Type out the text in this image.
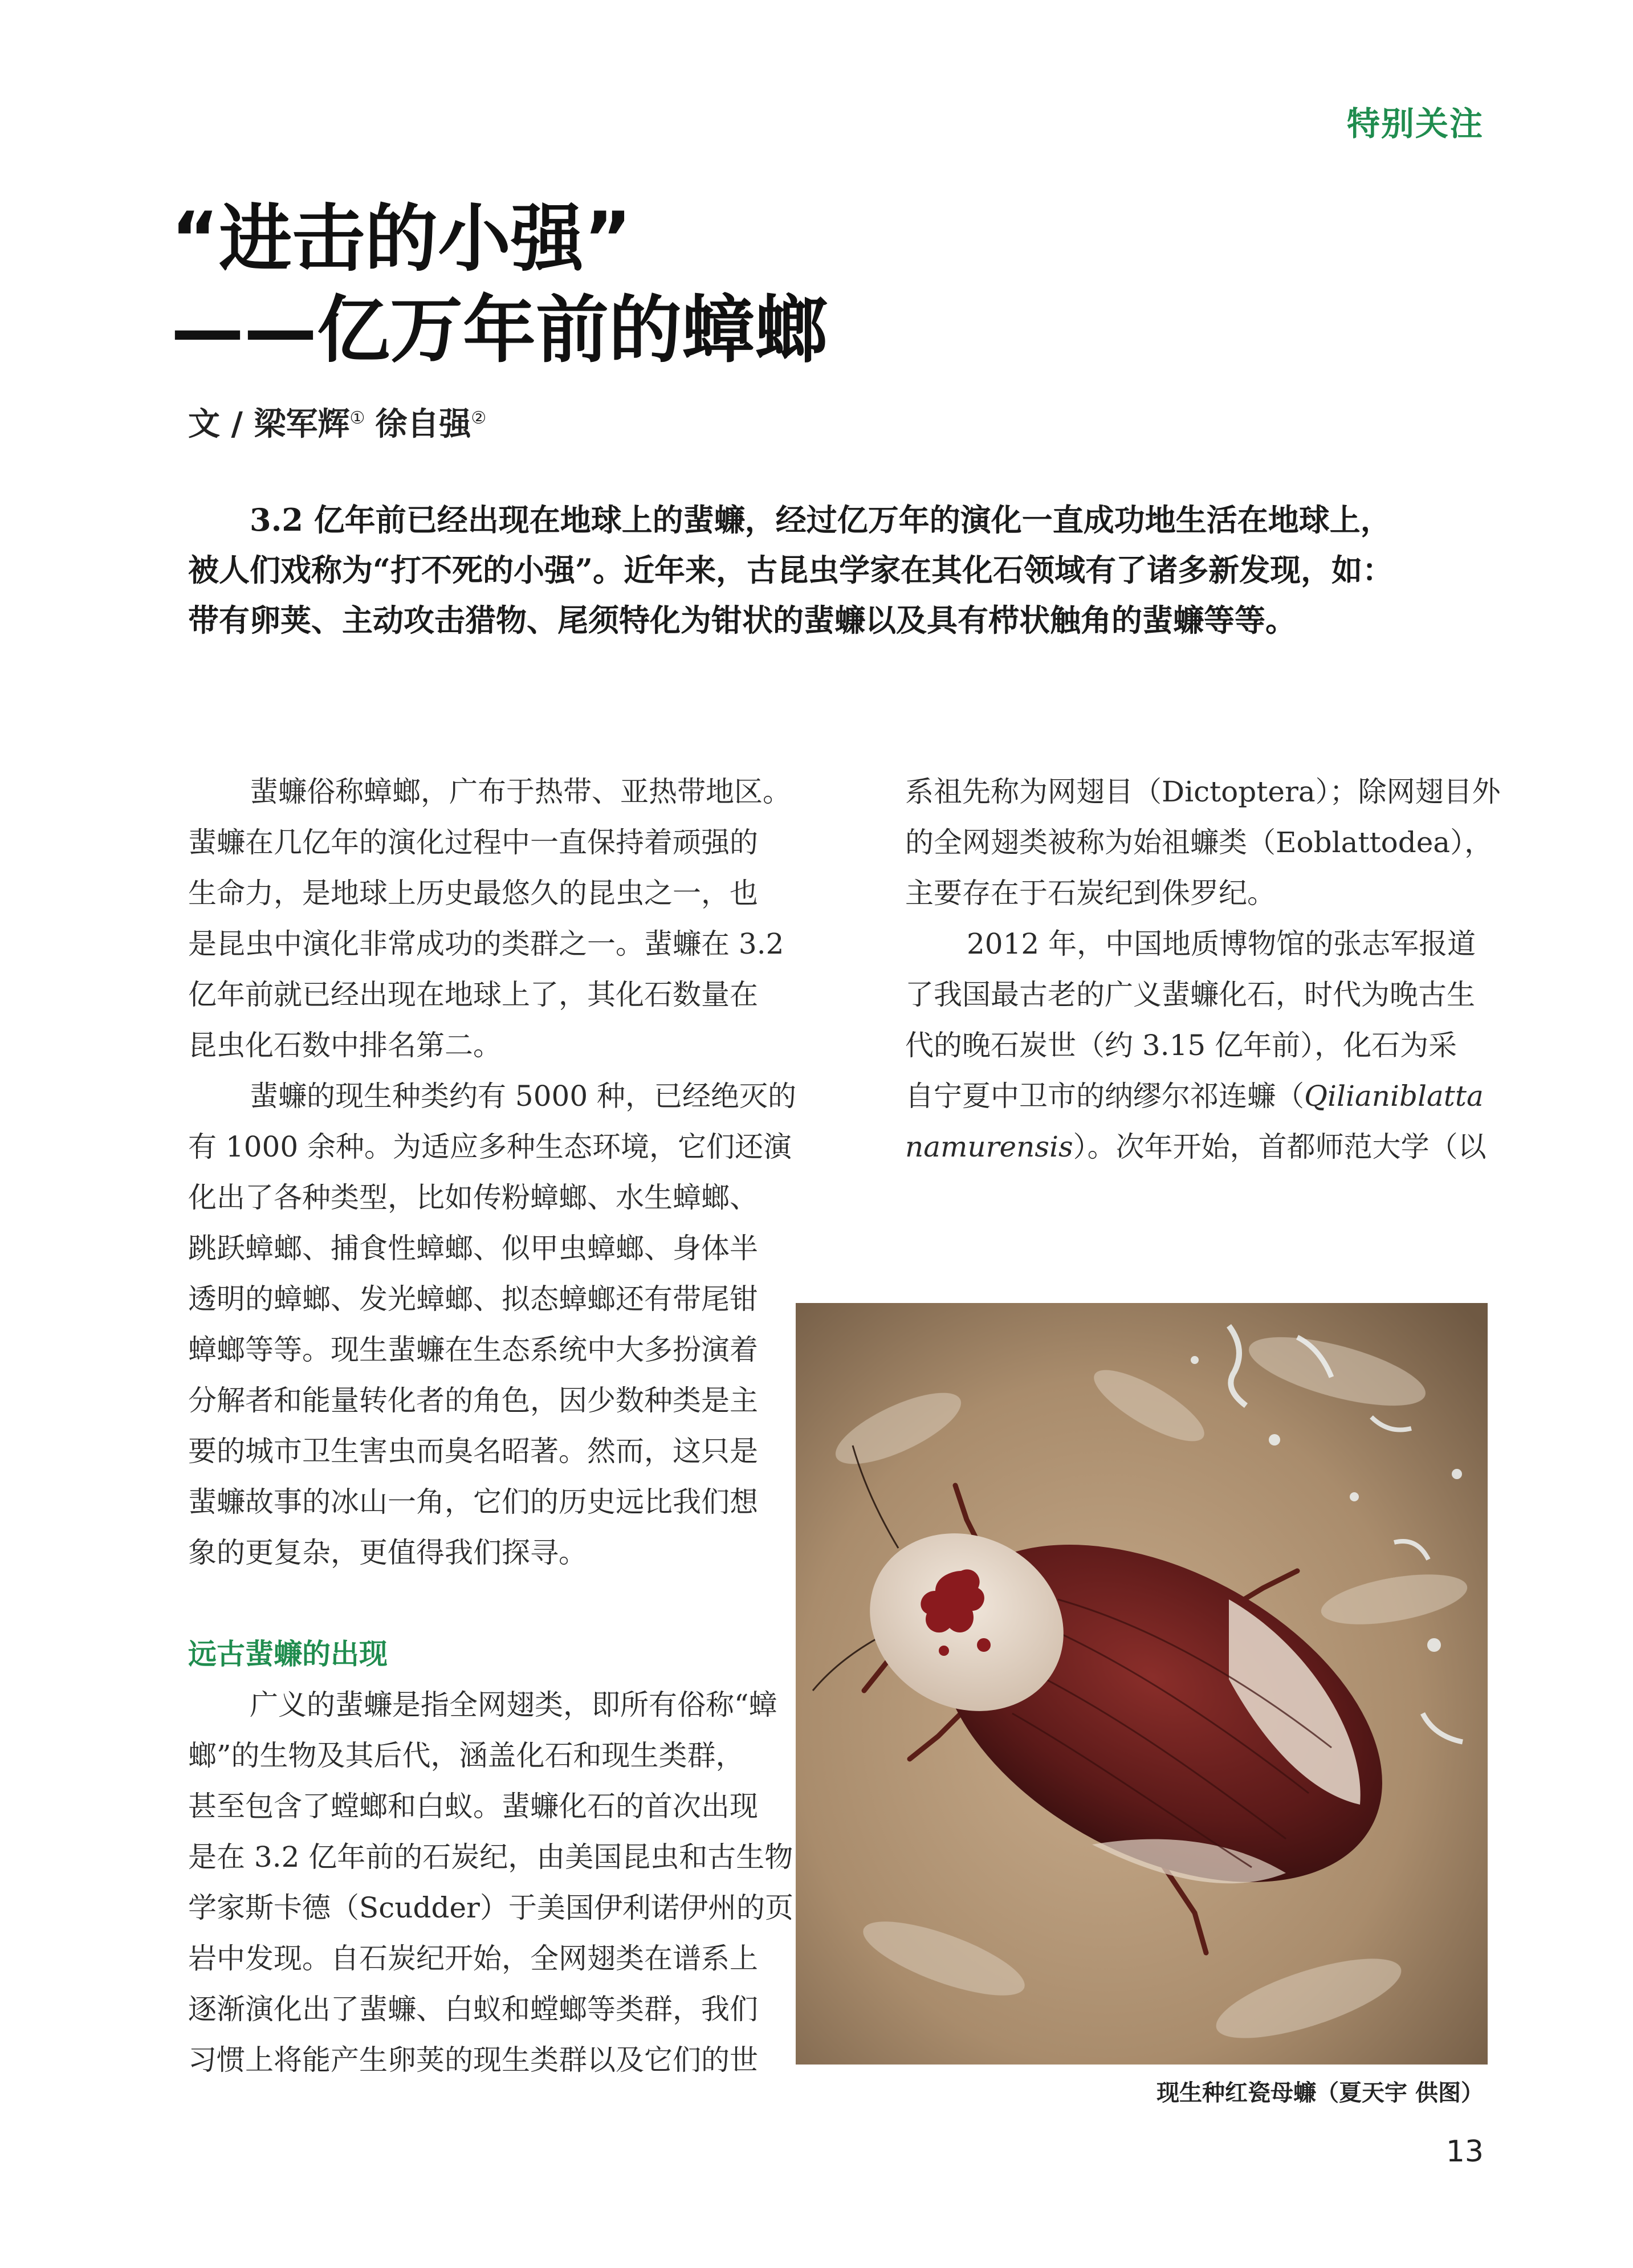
特别关注
“进击的小强”
——亿万年前的蟑螂
文 / 梁军辉① 徐自强②

3.2 亿年前已经出现在地球上的蜚蠊，经过亿万年的演化一直成功地生活在地球上，
被人们戏称为“打不死的小强”。近年来，古昆虫学家在其化石领域有了诸多新发现，如：
带有卵荚、主动攻击猎物、尾须特化为钳状的蜚蠊以及具有栉状触角的蜚蠊等等。

蜚蠊俗称蟑螂，广布于热带、亚热带地区。
蜚蠊在几亿年的演化过程中一直保持着顽强的
生命力，是地球上历史最悠久的昆虫之一，也
是昆虫中演化非常成功的类群之一。蜚蠊在 3.2
亿年前就已经出现在地球上了，其化石数量在
昆虫化石数中排名第二。
蜚蠊的现生种类约有 5000 种，已经绝灭的
有 1000 余种。为适应多种生态环境，它们还演
化出了各种类型，比如传粉蟑螂、水生蟑螂、
跳跃蟑螂、捕食性蟑螂、似甲虫蟑螂、身体半
透明的蟑螂、发光蟑螂、拟态蟑螂还有带尾钳
蟑螂等等。现生蜚蠊在生态系统中大多扮演着
分解者和能量转化者的角色，因少数种类是主
要的城市卫生害虫而臭名昭著。然而，这只是
蜚蠊故事的冰山一角，它们的历史远比我们想
象的更复杂，更值得我们探寻。
远古蜚蠊的出现
广义的蜚蠊是指全网翅类，即所有俗称“蟑
螂”的生物及其后代，涵盖化石和现生类群，
甚至包含了螳螂和白蚁。蜚蠊化石的首次出现
是在 3.2 亿年前的石炭纪，由美国昆虫和古生物
学家斯卡德（Scudder）于美国伊利诺伊州的页
岩中发现。自石炭纪开始，全网翅类在谱系上
逐渐演化出了蜚蠊、白蚁和螳螂等类群，我们
习惯上将能产生卵荚的现生类群以及它们的世
系祖先称为网翅目（Dictoptera）；除网翅目外
的全网翅类被称为始祖蠊类（Eoblattodea），
主要存在于石炭纪到侏罗纪。
2012 年，中国地质博物馆的张志军报道
了我国最古老的广义蜚蠊化石，时代为晚古生
代的晚石炭世（约 3.15 亿年前），化石为采
自宁夏中卫市的纳缪尔祁连蠊（Qilianiblatta
namurensis）。次年开始，首都师范大学（以
现生种红瓷母蠊（夏天宇 供图）
13
